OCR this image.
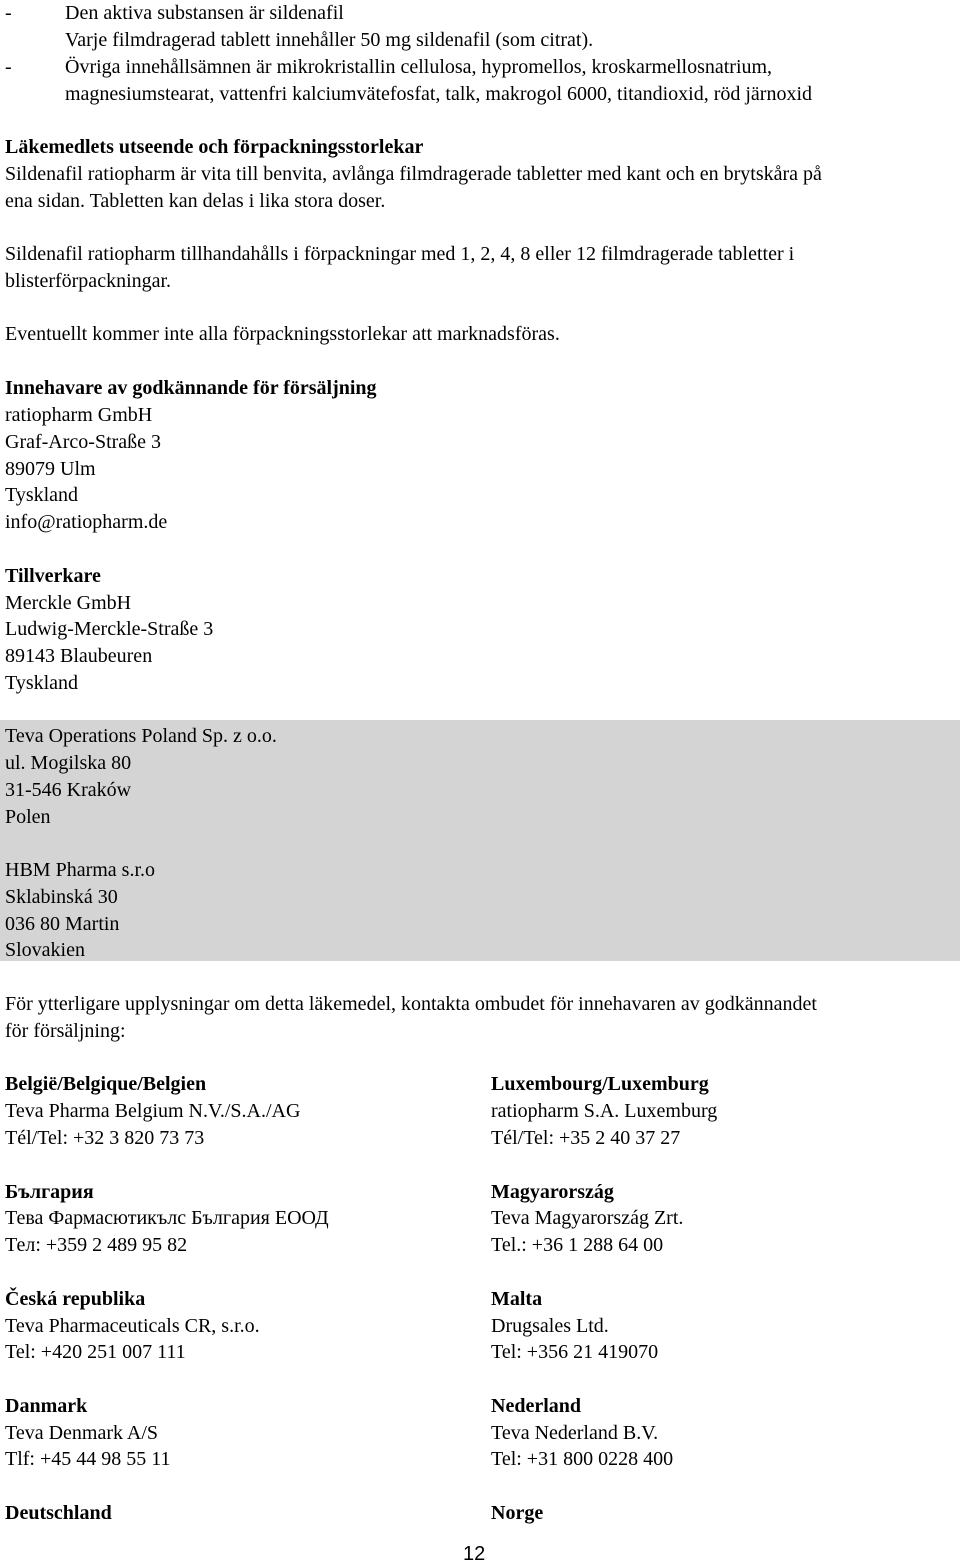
-	Den aktiva substansen är sildenafil
Varje filmdragerad tablett innehåller 50 mg sildenafil (som citrat).
-	Övriga innehållsämnen är mikrokristallin cellulosa, hypromellos, kroskarmellosnatrium,
magnesiumstearat, vattenfri kalciumvätefosfat, talk, makrogol 6000, titandioxid, röd järnoxid
Läkemedlets utseende och förpackningsstorlekar
Sildenafil ratiopharm är vita till benvita, avlånga filmdragerade tabletter med kant och en brytskåra på
ena sidan. Tabletten kan delas i lika stora doser.
Sildenafil ratiopharm tillhandahålls i förpackningar med 1, 2, 4, 8 eller 12 filmdragerade tabletter i
blisterförpackningar.
Eventuellt kommer inte alla förpackningsstorlekar att marknadsföras.
Innehavare av godkännande för försäljning
ratiopharm GmbH
Graf-Arco-Straße 3
89079 Ulm
Tyskland
info@ratiopharm.de
Tillverkare
Merckle GmbH
Ludwig-Merckle-Straße 3
89143 Blaubeuren
Tyskland
Teva Operations Poland Sp. z o.o.
ul. Mogilska 80
31-546 Kraków
Polen
HBM Pharma s.r.o
Sklabinská 30
036 80 Martin
Slovakien
För ytterligare upplysningar om detta läkemedel, kontakta ombudet för innehavaren av godkännandet
för försäljning:
België/Belgique/Belgien
Teva Pharma Belgium N.V./S.A./AG
Tél/Tel: +32 3 820 73 73
България
Тева Фармасютикълс България ЕООД
Тел: +359 2 489 95 82
Česká republika
Teva Pharmaceuticals CR, s.r.o.
Tel: +420 251 007 111
Danmark
Teva Denmark A/S
Tlf: +45 44 98 55 11
Deutschland
Luxembourg/Luxemburg
ratiopharm S.A. Luxemburg
Tél/Tel: +35 2 40 37 27
Magyarország
Teva Magyarország Zrt.
Tel.: +36 1 288 64 00
Malta
Drugsales Ltd.
Tel: +356 21 419070
Nederland
Teva Nederland B.V.
Tel: +31 800 0228 400
Norge
12
